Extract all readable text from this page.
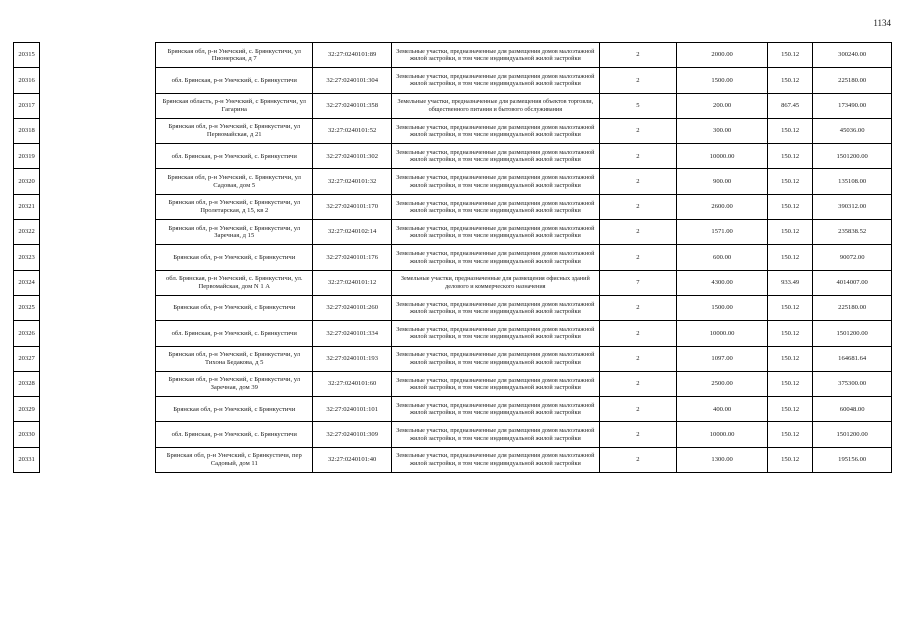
1134
20315		Брянская обл, р-н Унечский, с. Брянкустичи, ул Пионерская, д 7	32:27:0240101:89	Земельные участки, предназначенные для размещения домов малоэтажной жилой застройки, в том числе индивидуальной жилой застройки	2	2000.00	150.12	300240.00
20316		обл. Брянская, р-н Унечский, с. Брянкустичи	32:27:0240101:304	Земельные участки, предназначенные для размещения домов малоэтажной жилой застройки, в том числе индивидуальной жилой застройки	2	1500.00	150.12	225180.00
20317		Брянская область, р-н Унечский, с Брянкустичи, ул Гагарина	32:27:0240101:358	Земельные участки, предназначенные для размещения объектов торговли, общественного питания и бытового обслуживания	5	200.00	867.45	173490.00
20318		Брянская обл, р-н Унечский, с Брянкустичи, ул Первомайская, д 21	32:27:0240101:52	Земельные участки, предназначенные для размещения домов малоэтажной жилой застройки, в том числе индивидуальной жилой застройки	2	300.00	150.12	45036.00
20319		обл. Брянская, р-н Унечский, с. Брянкустичи	32:27:0240101:302	Земельные участки, предназначенные для размещения домов малоэтажной жилой застройки, в том числе индивидуальной жилой застройки	2	10000.00	150.12	1501200.00
20320		Брянская обл, р-н Унечский, с. Брянкустичи, ул Садовая, дом 5	32:27:0240101:32	Земельные участки, предназначенные для размещения домов малоэтажной жилой застройки, в том числе индивидуальной жилой застройки	2	900.00	150.12	135108.00
20321		Брянская обл, р-н Унечский, с Брянкустичи, ул Пролетарская, д 15, кв 2	32:27:0240101:170	Земельные участки, предназначенные для размещения домов малоэтажной жилой застройки, в том числе индивидуальной жилой застройки	2	2600.00	150.12	390312.00
20322		Брянская обл, р-н Унечский, с Брянкустичи, ул Заречная, д 15	32:27:0240102:14	Земельные участки, предназначенные для размещения домов малоэтажной жилой застройки, в том числе индивидуальной жилой застройки	2	1571.00	150.12	235838.52
20323		Брянская обл, р-н Унечский, с Брянкустичи	32:27:0240101:176	Земельные участки, предназначенные для размещения домов малоэтажной жилой застройки, в том числе индивидуальной жилой застройки	2	600.00	150.12	90072.00
20324		обл. Брянская, р-н Унечский, с. Брянкустичи, ул. Первомайская, дом N 1 А	32:27:0240101:12	Земельные участки, предназначенные для размещения офисных зданий делового и коммерческого назначения	7	4300.00	933.49	4014007.00
20325		Брянская обл, р-н Унечский, с Брянкустичи	32:27:0240101:260	Земельные участки, предназначенные для размещения домов малоэтажной жилой застройки, в том числе индивидуальной жилой застройки	2	1500.00	150.12	225180.00
20326		обл. Брянская, р-н Унечский, с. Брянкустичи	32:27:0240101:334	Земельные участки, предназначенные для размещения домов малоэтажной жилой застройки, в том числе индивидуальной жилой застройки	2	10000.00	150.12	1501200.00
20327		Брянская обл, р-н Унечский, с Брянкустичи, ул Тихона Бедакова, д 5	32:27:0240101:193	Земельные участки, предназначенные для размещения домов малоэтажной жилой застройки, в том числе индивидуальной жилой застройки	2	1097.00	150.12	164681.64
20328		Брянская обл, р-н Унечский, с Брянкустичи, ул Заречная, дом 39	32:27:0240101:60	Земельные участки, предназначенные для размещения домов малоэтажной жилой застройки, в том числе индивидуальной жилой застройки	2	2500.00	150.12	375300.00
20329		Брянская обл, р-н Унечский, с Брянкустичи	32:27:0240101:101	Земельные участки, предназначенные для размещения домов малоэтажной жилой застройки, в том числе индивидуальной жилой застройки	2	400.00	150.12	60048.00
20330		обл. Брянская, р-н Унечский, с. Брянкустичи	32:27:0240101:309	Земельные участки, предназначенные для размещения домов малоэтажной жилой застройки, в том числе индивидуальной жилой застройки	2	10000.00	150.12	1501200.00
20331		Брянская обл, р-н Унечский, с Брянкустичи, пер Садовый, дом 11	32:27:0240101:40	Земельные участки, предназначенные для размещения домов малоэтажной жилой застройки, в том числе индивидуальной жилой застройки	2	1300.00	150.12	195156.00
